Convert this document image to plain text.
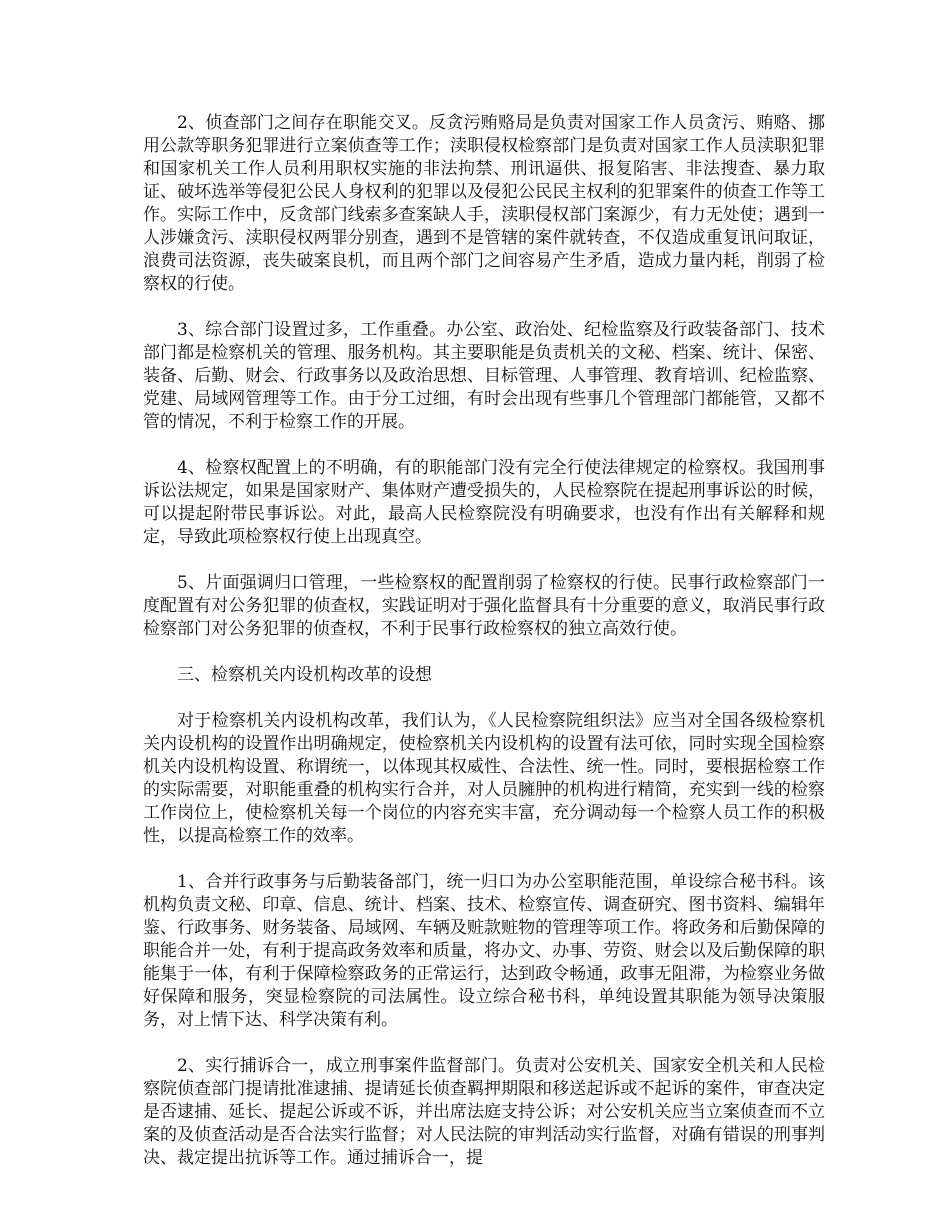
2、侦查部门之间存在职能交叉。反贪污贿赂局是负责对国家工作人员贪污、贿赂、挪用公款等职务犯罪进行立案侦查等工作；渎职侵权检察部门是负责对国家工作人员渎职犯罪和国家机关工作人员利用职权实施的非法拘禁、刑讯逼供、报复陷害、非法搜查、暴力取证、破坏选举等侵犯公民人身权利的犯罪以及侵犯公民民主权利的犯罪案件的侦查工作等工作。实际工作中，反贪部门线索多查案缺人手，渎职侵权部门案源少，有力无处使；遇到一人涉嫌贪污、渎职侵权两罪分别查，遇到不是管辖的案件就转查，不仅造成重复讯问取证，浪费司法资源，丧失破案良机，而且两个部门之间容易产生矛盾，造成力量内耗，削弱了检察权的行使。

3、综合部门设置过多，工作重叠。办公室、政治处、纪检监察及行政装备部门、技术部门都是检察机关的管理、服务机构。其主要职能是负责机关的文秘、档案、统计、保密、装备、后勤、财会、行政事务以及政治思想、目标管理、人事管理、教育培训、纪检监察、党建、局域网管理等工作。由于分工过细，有时会出现有些事几个管理部门都能管，又都不管的情况，不利于检察工作的开展。

4、检察权配置上的不明确，有的职能部门没有完全行使法律规定的检察权。我国刑事诉讼法规定，如果是国家财产、集体财产遭受损失的，人民检察院在提起刑事诉讼的时候，可以提起附带民事诉讼。对此，最高人民检察院没有明确要求，也没有作出有关解释和规定，导致此项检察权行使上出现真空。

5、片面强调归口管理，一些检察权的配置削弱了检察权的行使。民事行政检察部门一度配置有对公务犯罪的侦查权，实践证明对于强化监督具有十分重要的意义，取消民事行政检察部门对公务犯罪的侦查权，不利于民事行政检察权的独立高效行使。

三、检察机关内设机构改革的设想

对于检察机关内设机构改革，我们认为，《人民检察院组织法》应当对全国各级检察机关内设机构的设置作出明确规定，使检察机关内设机构的设置有法可依，同时实现全国检察机关内设机构设置、称谓统一，以体现其权威性、合法性、统一性。同时，要根据检察工作的实际需要，对职能重叠的机构实行合并，对人员臃肿的机构进行精简，充实到一线的检察工作岗位上，使检察机关每一个岗位的内容充实丰富，充分调动每一个检察人员工作的积极性，以提高检察工作的效率。

1、合并行政事务与后勤装备部门，统一归口为办公室职能范围，单设综合秘书科。该机构负责文秘、印章、信息、统计、档案、技术、检察宣传、调查研究、图书资料、编辑年鉴、行政事务、财务装备、局域网、车辆及赃款赃物的管理等项工作。将政务和后勤保障的职能合并一处，有利于提高政务效率和质量，将办文、办事、劳资、财会以及后勤保障的职能集于一体，有利于保障检察政务的正常运行，达到政令畅通，政事无阻滞，为检察业务做好保障和服务，突显检察院的司法属性。设立综合秘书科，单纯设置其职能为领导决策服务，对上情下达、科学决策有利。

2、实行捕诉合一，成立刑事案件监督部门。负责对公安机关、国家安全机关和人民检察院侦查部门提请批准逮捕、提请延长侦查羁押期限和移送起诉或不起诉的案件，审查决定是否逮捕、延长、提起公诉或不诉，并出席法庭支持公诉；对公安机关应当立案侦查而不立案的及侦查活动是否合法实行监督；对人民法院的审判活动实行监督，对确有错误的刑事判决、裁定提出抗诉等工作。通过捕诉合一，提
